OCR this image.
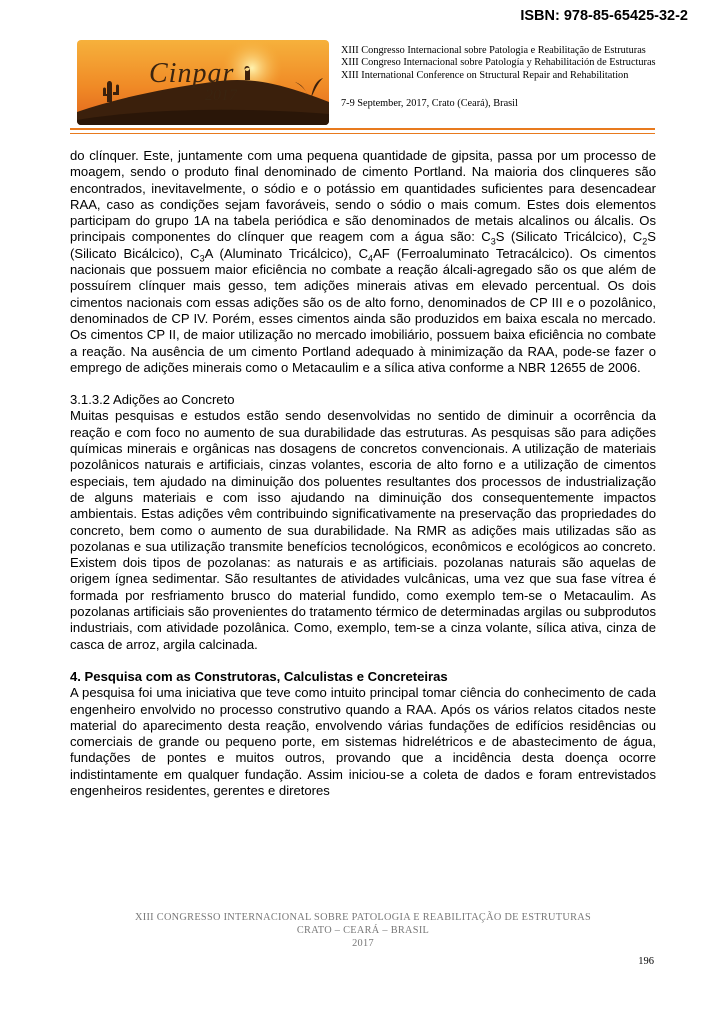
ISBN: 978-85-65425-32-2
Cinpar
2017
XIII Congresso Internacional sobre Patologia e Reabilitação de Estruturas
XIII Congreso Internacional sobre Patología y Rehabilitación de Estructuras
XIII International Conference on Structural Repair and Rehabilitation
7-9 September, 2017, Crato (Ceará), Brasil

do clínquer. Este, juntamente com uma pequena quantidade de gipsita, passa por um processo de moagem, sendo o produto final denominado de cimento Portland. Na maioria dos clinqueres são encontrados, inevitavelmente, o sódio e o potássio em quantidades suficientes para desencadear RAA, caso as condições sejam favoráveis, sendo o sódio o mais comum. Estes dois elementos participam do grupo 1A na tabela periódica e são denominados de metais alcalinos ou álcalis. Os principais componentes do clínquer que reagem com a água são: $C_3S$ (Silicato Tricálcico), $C_2S$ (Silicato Bicálcico), $C_3A$ (Aluminato Tricálcico), $C_4AF$ (Ferroaluminato Tetracálcico). Os cimentos nacionais que possuem maior eficiência no combate a reação álcali-agregado são os que além de possuírem clínquer mais gesso, tem adições minerais ativas em elevado percentual. Os dois cimentos nacionais com essas adições são os de alto forno, denominados de CP III e o pozolânico, denominados de CP IV. Porém, esses cimentos ainda são produzidos em baixa escala no mercado. Os cimentos CP II, de maior utilização no mercado imobiliário, possuem baixa eficiência no combate a reação. Na ausência de um cimento Portland adequado à minimização da RAA, pode-se fazer o emprego de adições minerais como o Metacaulim e a sílica ativa conforme a NBR 12655 de 2006.

3.1.3.2 Adições ao Concreto

Muitas pesquisas e estudos estão sendo desenvolvidas no sentido de diminuir a ocorrência da reação e com foco no aumento de sua durabilidade das estruturas. As pesquisas são para adições químicas minerais e orgânicas nas dosagens de concretos convencionais. A utilização de materiais pozolânicos naturais e artificiais, cinzas volantes, escoria de alto forno e a utilização de cimentos especiais, tem ajudado na diminuição dos poluentes resultantes dos processos de industrialização de alguns materiais e com isso ajudando na diminuição dos consequentemente impactos ambientais. Estas adições vêm contribuindo significativamente na preservação das propriedades do concreto, bem como o aumento de sua durabilidade. Na RMR as adições mais utilizadas são as pozolanas e sua utilização transmite benefícios tecnológicos, econômicos e ecológicos ao concreto. Existem dois tipos de pozolanas: as naturais e as artificiais. pozolanas naturais são aquelas de origem ígnea sedimentar. São resultantes de atividades vulcânicas, uma vez que sua fase vítrea é formada por resfriamento brusco do material fundido, como exemplo tem-se o Metacaulim. As pozolanas artificiais são provenientes do tratamento térmico de determinadas argilas ou subprodutos industriais, com atividade pozolânica. Como, exemplo, tem-se a cinza volante, sílica ativa, cinza de casca de arroz, argila calcinada.

4. Pesquisa com as Construtoras, Calculistas e Concreteiras

A pesquisa foi uma iniciativa que teve como intuito principal tomar ciência do conhecimento de cada engenheiro envolvido no processo construtivo quando a RAA. Após os vários relatos citados neste material do aparecimento desta reação, envolvendo várias fundações de edifícios residências ou comerciais de grande ou pequeno porte, em sistemas hidrelétricos e de abastecimento de água, fundações de pontes e muitos outros, provando que a incidência desta doença ocorre indistintamente em qualquer fundação. Assim iniciou-se a coleta de dados e foram entrevistados engenheiros residentes, gerentes e diretores

XIII CONGRESSO INTERNACIONAL SOBRE PATOLOGIA E REABILITAÇÃO DE ESTRUTURAS
CRATO – CEARÁ – BRASIL
2017
196
